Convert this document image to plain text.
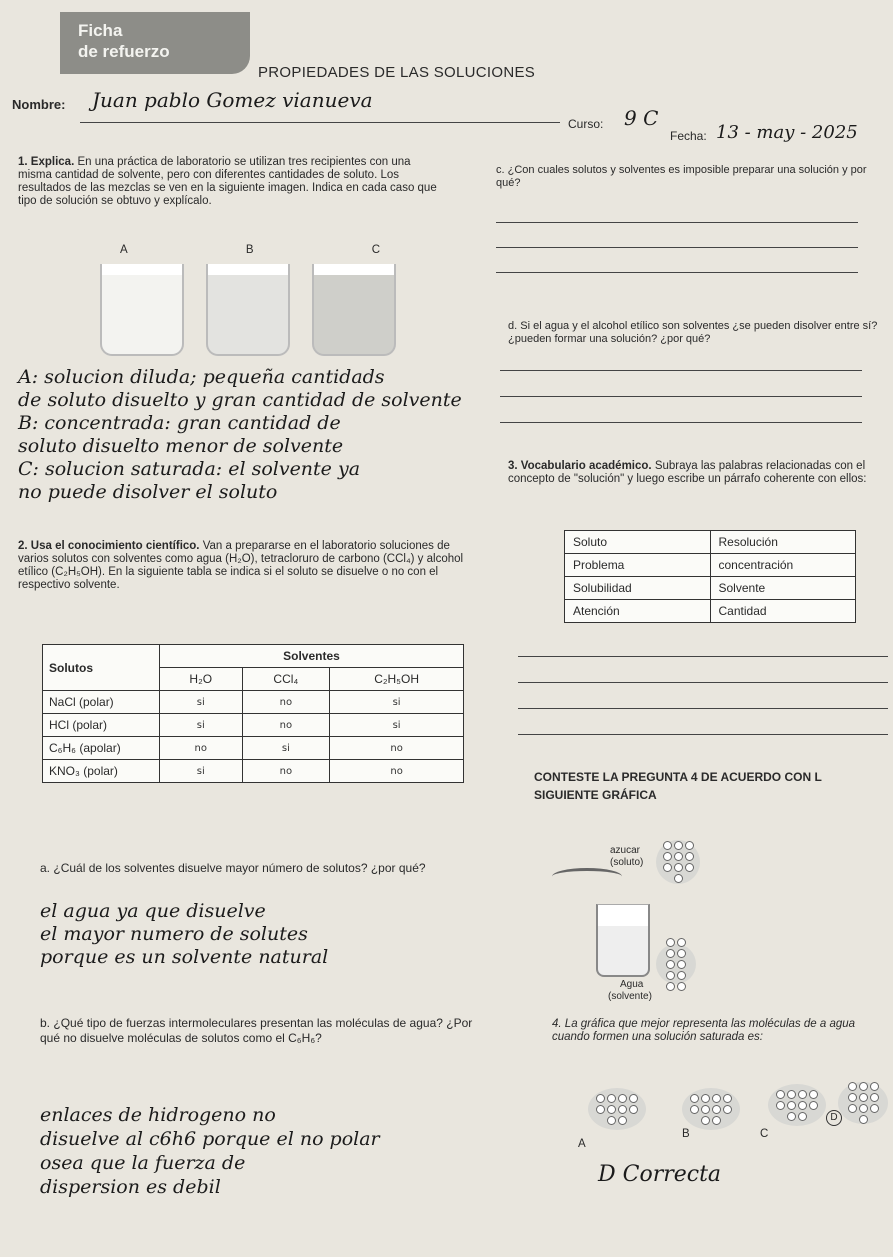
Ficha
de refuerzo
PROPIEDADES DE LAS SOLUCIONES
Nombre: Juan pablo Gomez vianueva
Curso: 9 C
Fecha: 13 - may - 2025
1. Explica. En una práctica de laboratorio se utilizan tres recipientes con una misma cantidad de solvente, pero con diferentes cantidades de soluto. Los resultados de las mezclas se ven en la siguiente imagen. Indica en cada caso que tipo de solución se obtuvo y explícalo.
A	B	C
A: solucion diluda; pequeña cantidads
de soluto disuelto y gran cantidad de solvente
B: concentrada: gran cantidad de
soluto disuelto menor de solvente
C: solucion saturada: el solvente ya
no puede disolver el soluto
c. ¿Con cuales solutos y solventes es imposible preparar una solución y por qué?
d. Si el agua y el alcohol etílico son solventes ¿se pueden disolver entre sí? ¿pueden formar una solución? ¿por qué?
3. Vocabulario académico. Subraya las palabras relacionadas con el concepto de "solución" y luego escribe un párrafo coherente con ellos:
Soluto	Resolución
Problema	concentración
Solubilidad	Solvente
Atención	Cantidad
2. Usa el conocimiento científico. Van a prepararse en el laboratorio soluciones de varios solutos con solventes como agua (H₂O), tetracloruro de carbono (CCl₄) y alcohol etílico (C₂H₅OH). En la siguiente tabla se indica si el soluto se disuelve o no con el respectivo solvente.
Solutos	Solventes		
	H₂O	CCl₄	C₂H₅OH
NaCl (polar)	si	no	si
HCl (polar)	si	no	si
C₆H₆ (apolar)	no	si	no
KNO₃ (polar)	si	no	no
a. ¿Cuál de los solventes disuelve mayor número de solutos? ¿por qué?
el agua ya que disuelve
el mayor numero de solutes
porque es un solvente natural
b. ¿Qué tipo de fuerzas intermoleculares presentan las moléculas de agua? ¿Por qué no disuelve moléculas de solutos como el C₆H₆?
enlaces de hidrogeno no
disuelve al c6h6 porque el no polar
osea que la fuerza de
dispersion es debil
CONTESTE LA PREGUNTA 4 DE ACUERDO CON L
SIGUIENTE GRÁFICA
azucar
(soluto)
Agua
(solvente)
4. La gráfica que mejor representa las moléculas de a agua cuando formen una solución saturada es:
A
B	C
D
D Correcta
